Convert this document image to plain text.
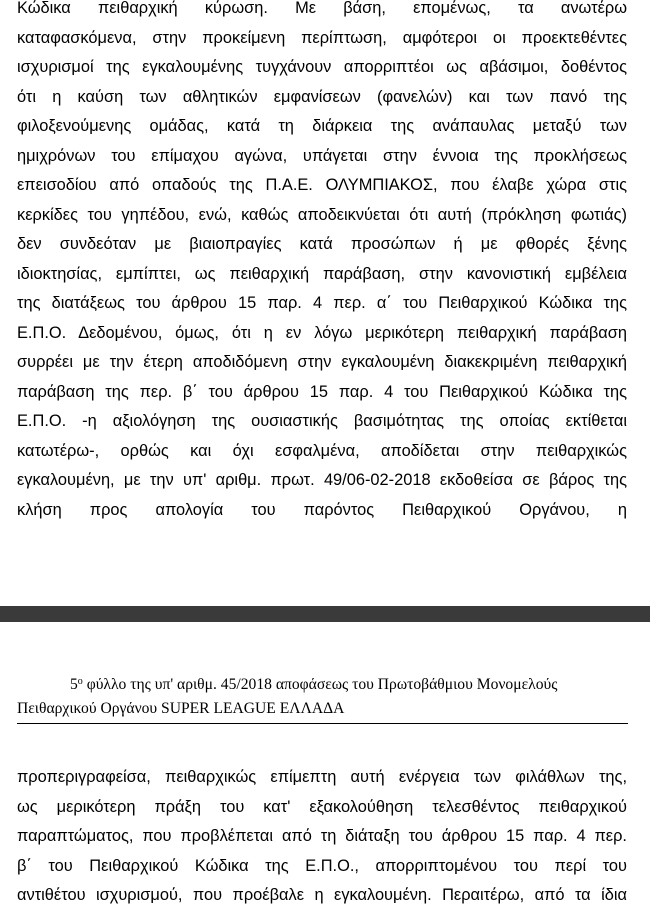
Κώδικα πειθαρχική κύρωση. Με βάση, επομένως, τα ανωτέρω
καταφασκόμενα, στην προκείμενη περίπτωση, αμφότεροι οι προεκτεθέντες
ισχυρισμοί της εγκαλουμένης τυγχάνουν απορριπτέοι ως αβάσιμοι, δοθέντος
ότι η καύση των αθλητικών εμφανίσεων (φανελών) και των πανό της
φιλοξενούμενης ομάδας, κατά τη διάρκεια της ανάπαυλας μεταξύ των
ημιχρόνων του επίμαχου αγώνα, υπάγεται στην έννοια της προκλήσεως
επεισοδίου από οπαδούς της Π.Α.Ε. ΟΛΥΜΠΙΑΚΟΣ, που έλαβε χώρα στις
κερκίδες του γηπέδου, ενώ, καθώς αποδεικνύεται ότι αυτή (πρόκληση φωτιάς)
δεν συνδεόταν με βιαιοπραγίες κατά προσώπων ή με φθορές ξένης
ιδιοκτησίας, εμπίπτει, ως πειθαρχική παράβαση, στην κανονιστική εμβέλεια
της διατάξεως του άρθρου 15 παρ. 4 περ. α΄ του Πειθαρχικού Κώδικα της
Ε.Π.Ο. Δεδομένου, όμως, ότι η εν λόγω μερικότερη πειθαρχική παράβαση
συρρέει με την έτερη αποδιδόμενη στην εγκαλουμένη διακεκριμένη πειθαρχική
παράβαση της περ. β΄ του άρθρου 15 παρ. 4 του Πειθαρχικού Κώδικα της
Ε.Π.Ο. -η αξιολόγηση της ουσιαστικής βασιμότητας της οποίας εκτίθεται
κατωτέρω-, ορθώς και όχι εσφαλμένα, αποδίδεται στην πειθαρχικώς
εγκαλουμένη, με την υπ' αριθμ. πρωτ. 49/06-02-2018 εκδοθείσα σε βάρος της
κλήση προς απολογία του παρόντος Πειθαρχικού Οργάνου, η
$5^o$ φύλλο της υπ' αριθμ. 45/2018 αποφάσεως του Πρωτοβάθμιου Μονομελούς
Πειθαρχικού Οργάνου SUPER LEAGUE ΕΛΛΑΔΑ
προπεριγραφείσα, πειθαρχικώς επίμεπτη αυτή ενέργεια των φιλάθλων της,
ως μερικότερη πράξη του κατ' εξακολούθηση τελεσθέντος πειθαρχικού
παραπτώματος, που προβλέπεται από τη διάταξη του άρθρου 15 παρ. 4 περ.
β΄ του Πειθαρχικού Κώδικα της Ε.Π.Ο., απορριπτομένου του περί του
αντιθέτου ισχυρισμού, που προέβαλε η εγκαλουμένη. Περαιτέρω, από τα ίδια
